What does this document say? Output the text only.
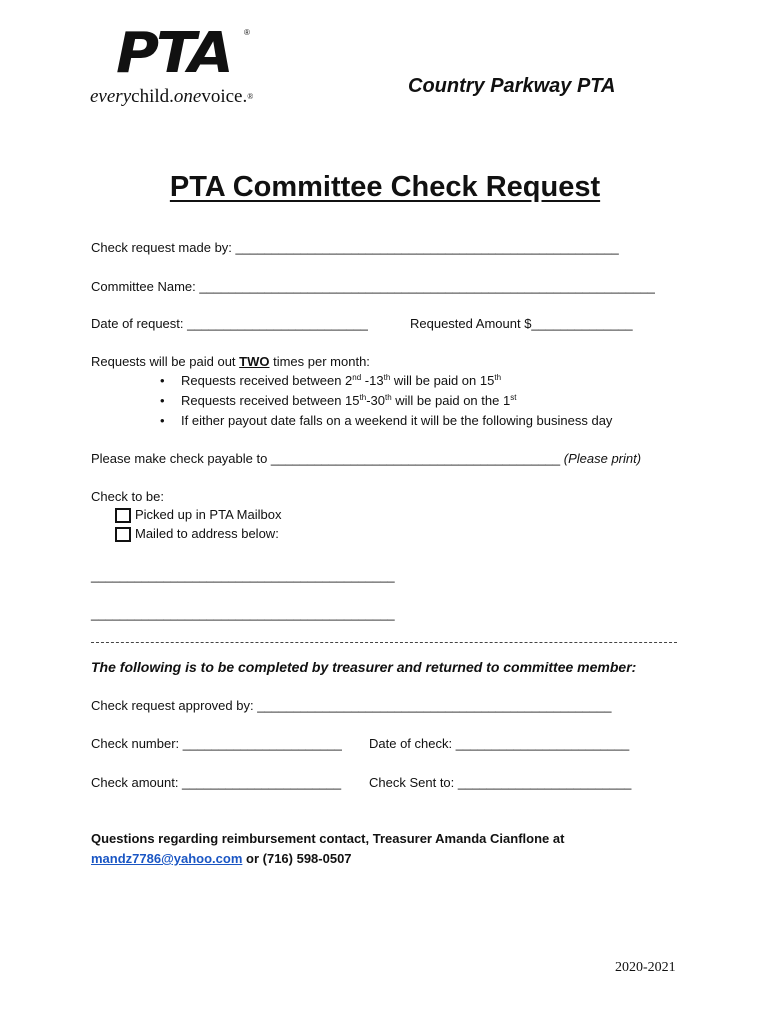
PTA ®
everychild.onevoice.®	Country Parkway PTA
PTA Committee Check Request
Check request made by: _____________________________________________________
Committee Name: _______________________________________________________________
Date of request: _________________________	Requested Amount $______________
Requests will be paid out TWO times per month:
• Requests received between 2nd -13th will be paid on 15th
• Requests received between 15th-30th will be paid on the 1st
• If either payout date falls on a weekend it will be the following business day
Please make check payable to ________________________________________ (Please print)
Check to be:
Picked up in PTA Mailbox
Mailed to address below:
__________________________________________
__________________________________________
The following is to be completed by treasurer and returned to committee member:
Check request approved by: _________________________________________________
Check number: ______________________ Date of check: ________________________
Check amount: ______________________ Check Sent to: ________________________
Questions regarding reimbursement contact, Treasurer Amanda Cianflone at
mandz7786@yahoo.com or (716) 598-0507
2020-2021
